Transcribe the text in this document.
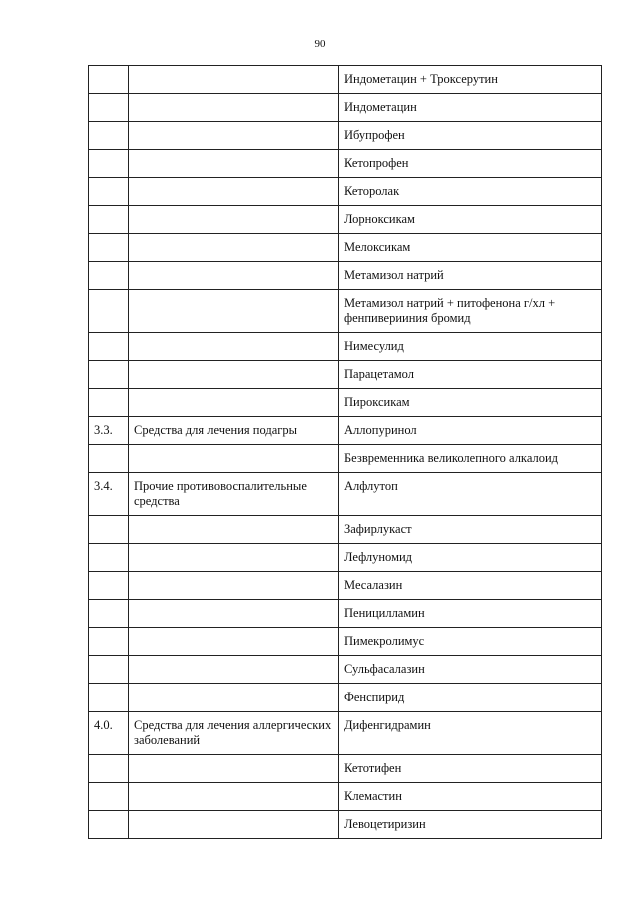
90
		Индометацин + Троксерутин
		Индометацин
		Ибупрофен
		Кетопрофен
		Кеторолак
		Лорноксикам
		Мелоксикам
		Метамизол натрий
		Метамизол натрий + питофенона г/хл + фенпиверииния бромид
		Нимесулид
		Парацетамол
		Пироксикам
3.3.	Средства для лечения подагры	Аллопуринол
		Безвременника великолепного алкалоид
3.4.	Прочие противовоспалительные средства	Алфлутоп
		Зафирлукаст
		Лефлуномид
		Месалазин
		Пеницилламин
		Пимекролимус
		Сульфасалазин
		Фенспирид
4.0.	Средства для лечения аллергических заболеваний	Дифенгидрамин
		Кетотифен
		Клемастин
		Левоцетиризин
